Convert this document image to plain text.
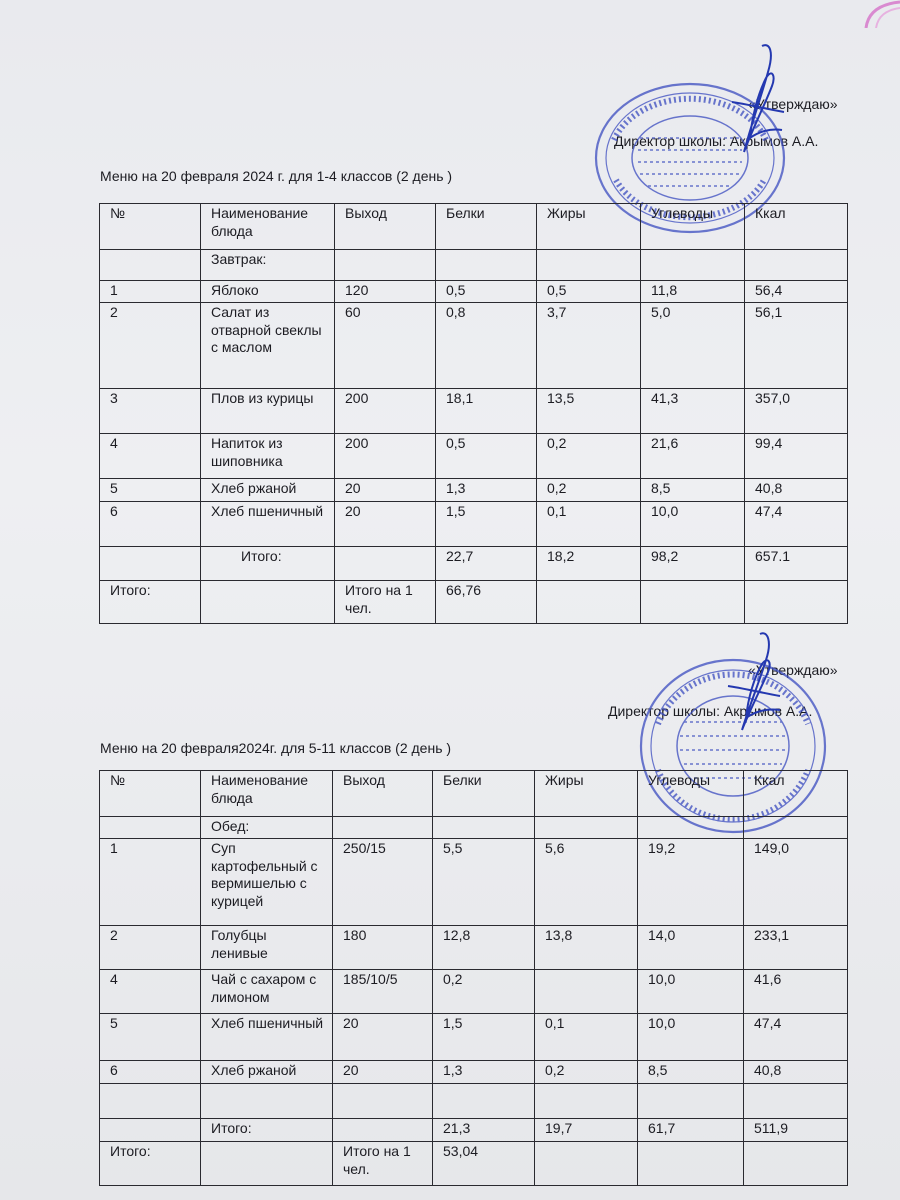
«Утверждаю»
Директор школы: Акрымов А.А.
Меню на 20 февраля 2024 г. для 1-4 классов (2 день )
№	Наименование блюда	Выход	Белки	Жиры	Углеводы	Ккал
	Завтрак:					
1	Яблоко	120	0,5	0,5	11,8	56,4
2	Салат из отварной свеклы с маслом	60	0,8	3,7	5,0	56,1
3	Плов из курицы	200	18,1	13,5	41,3	357,0
4	Напиток из шиповника	200	0,5	0,2	21,6	99,4
5	Хлеб ржаной	20	1,3	0,2	8,5	40,8
6	Хлеб пшеничный	20	1,5	0,1	10,0	47,4
	Итого:		22,7	18,2	98,2	657.1
Итого:		Итого на 1 чел.	66,76			
«Утверждаю»
Директор школы: Акрымов А.А.
Меню на 20 февраля2024г. для 5-11 классов (2 день )
№	Наименование блюда	Выход	Белки	Жиры	Углеводы	Ккал
	Обед:					
1	Суп картофельный с вермишелью с курицей	250/15	5,5	5,6	19,2	149,0
2	Голубцы ленивые	180	12,8	13,8	14,0	233,1
4	Чай с сахаром с лимоном	185/10/5	0,2		10,0	41,6
5	Хлеб пшеничный	20	1,5	0,1	10,0	47,4
6	Хлеб ржаной	20	1,3	0,2	8,5	40,8

	Итого:		21,3	19,7	61,7	511,9
Итого:		Итого на 1 чел.	53,04			
